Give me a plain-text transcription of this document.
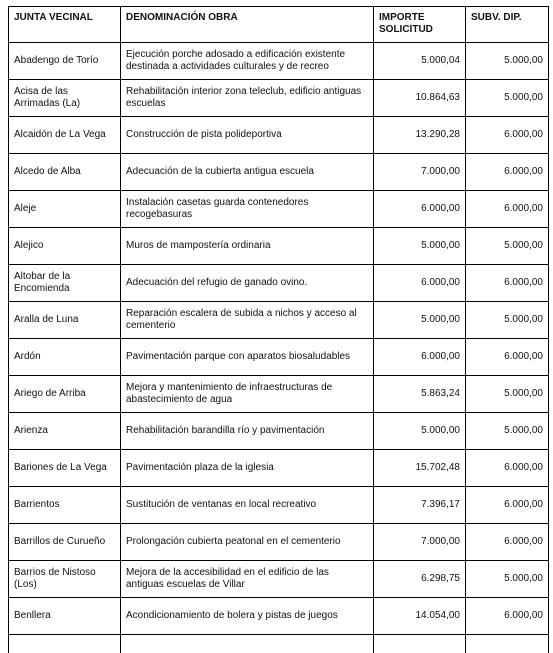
JUNTA VECINAL	DENOMINACIÓN OBRA	IMPORTE SOLICITUD	SUBV. DIP.
Abadengo de Torío	Ejecución porche adosado a edificación existente destinada a actividades culturales y de recreo	5.000,04	5.000,00
Acisa de las Arrimadas (La)	Rehabilitación interior zona teleclub, edificio antiguas escuelas	10.864,63	5.000,00
Alcaidón de La Vega	Construcción de pista polideportiva	13.290,28	6.000,00
Alcedo de Alba	Adecuación de la cubierta antigua escuela	7.000,00	6.000,00
Aleje	Instalación casetas guarda contenedores recogebasuras	6.000,00	6.000,00
Alejico	Muros de mampostería ordinaria	5.000,00	5.000,00
Altobar de la Encomienda	Adecuación del refugio de ganado ovino.	6.000,00	6.000,00
Aralla de Luna	Reparación escalera de subida a nichos y acceso al cementerio	5.000,00	5.000,00
Ardón	Pavimentación parque con aparatos biosaludables	6.000,00	6.000,00
Ariego de Arriba	Mejora y mantenimiento de infraestructuras de abastecimiento de agua	5.863,24	5.000,00
Arienza	Rehabilitación barandilla río y pavimentación	5.000,00	5.000,00
Bariones de La Vega	Pavimentación plaza de la iglesia	15.702,48	6.000,00
Barrientos	Sustitución de ventanas en local recreativo	7.396,17	6.000,00
Barrillos de Curueño	Prolongación cubierta peatonal en el cementerio	7.000,00	6.000,00
Barrios de Nistoso (Los)	Mejora de la accesibilidad en el edificio de las antiguas escuelas de Villar	6.298,75	5.000,00
Benllera	Acondicionamiento de bolera y pistas de juegos	14.054,00	6.000,00
